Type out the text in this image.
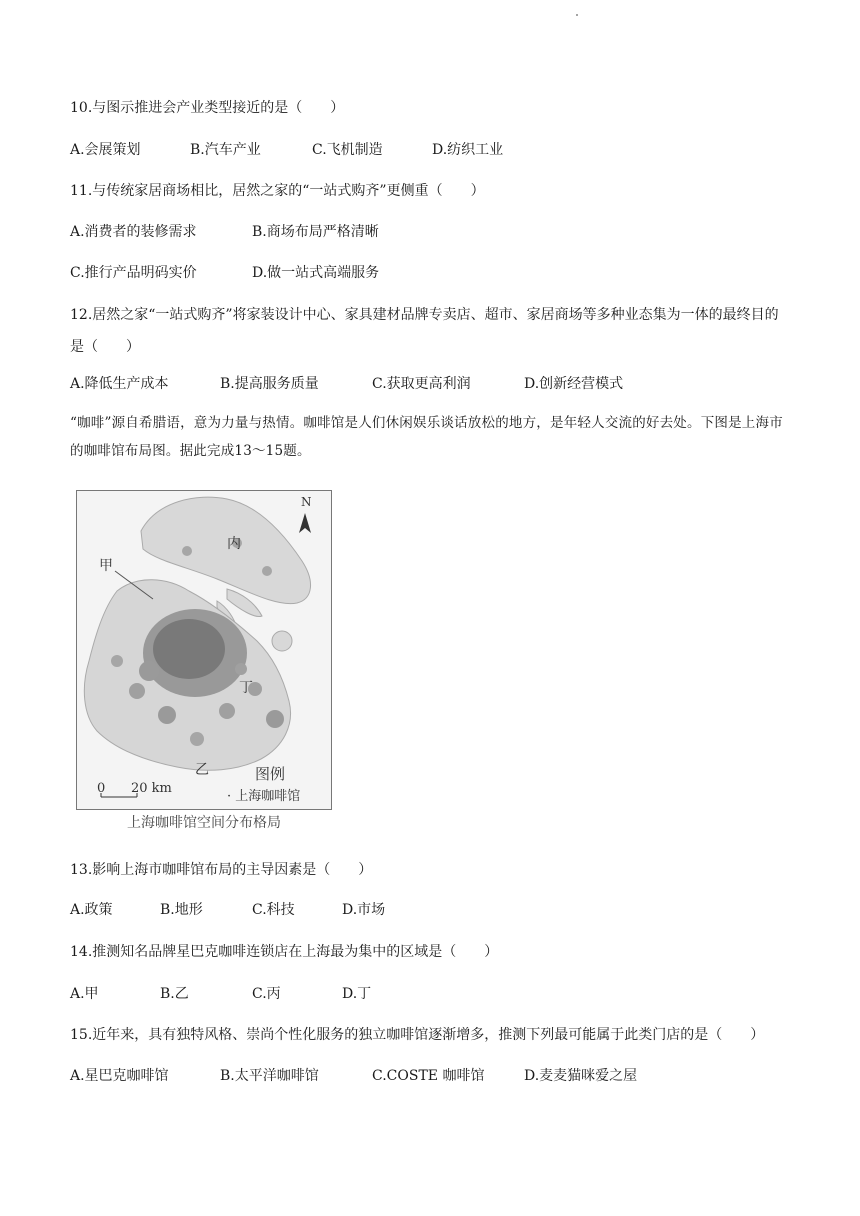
10.与图示推进会产业类型接近的是（　　）
A.会展策划	B.汽车产业	C.飞机制造	D.纺织工业
11.与传统家居商场相比，居然之家的“一站式购齐”更侧重（　　）
A.消费者的装修需求	B.商场布局严格清晰
C.推行产品明码实价	D.做一站式高端服务
12.居然之家“一站式购齐”将家装设计中心、家具建材品牌专卖店、超市、家居商场等多种业态集为一体的最终目的是（　　）
A.降低生产成本	B.提高服务质量	C.获取更高利润	D.创新经营模式
“咖啡”源自希腊语，意为力量与热情。咖啡馆是人们休闲娱乐谈话放松的地方，是年轻人交流的好去处。下图是上海市的咖啡馆布局图。据此完成13～15题。
N
内
甲
丁
乙	图例
· 上海咖啡馆
0 20 km
上海咖啡馆空间分布格局
13.影响上海市咖啡馆布局的主导因素是（　　）
A.政策	B.地形	C.科技	D.市场
14.推测知名品牌星巴克咖啡连锁店在上海最为集中的区域是（　　）
A.甲	B.乙	C.丙	D.丁
15.近年来，具有独特风格、崇尚个性化服务的独立咖啡馆逐渐增多，推测下列最可能属于此类门店的是（　　）
A.星巴克咖啡馆	B.太平洋咖啡馆	C.COSTE 咖啡馆	D.麦麦猫咪爱之屋
